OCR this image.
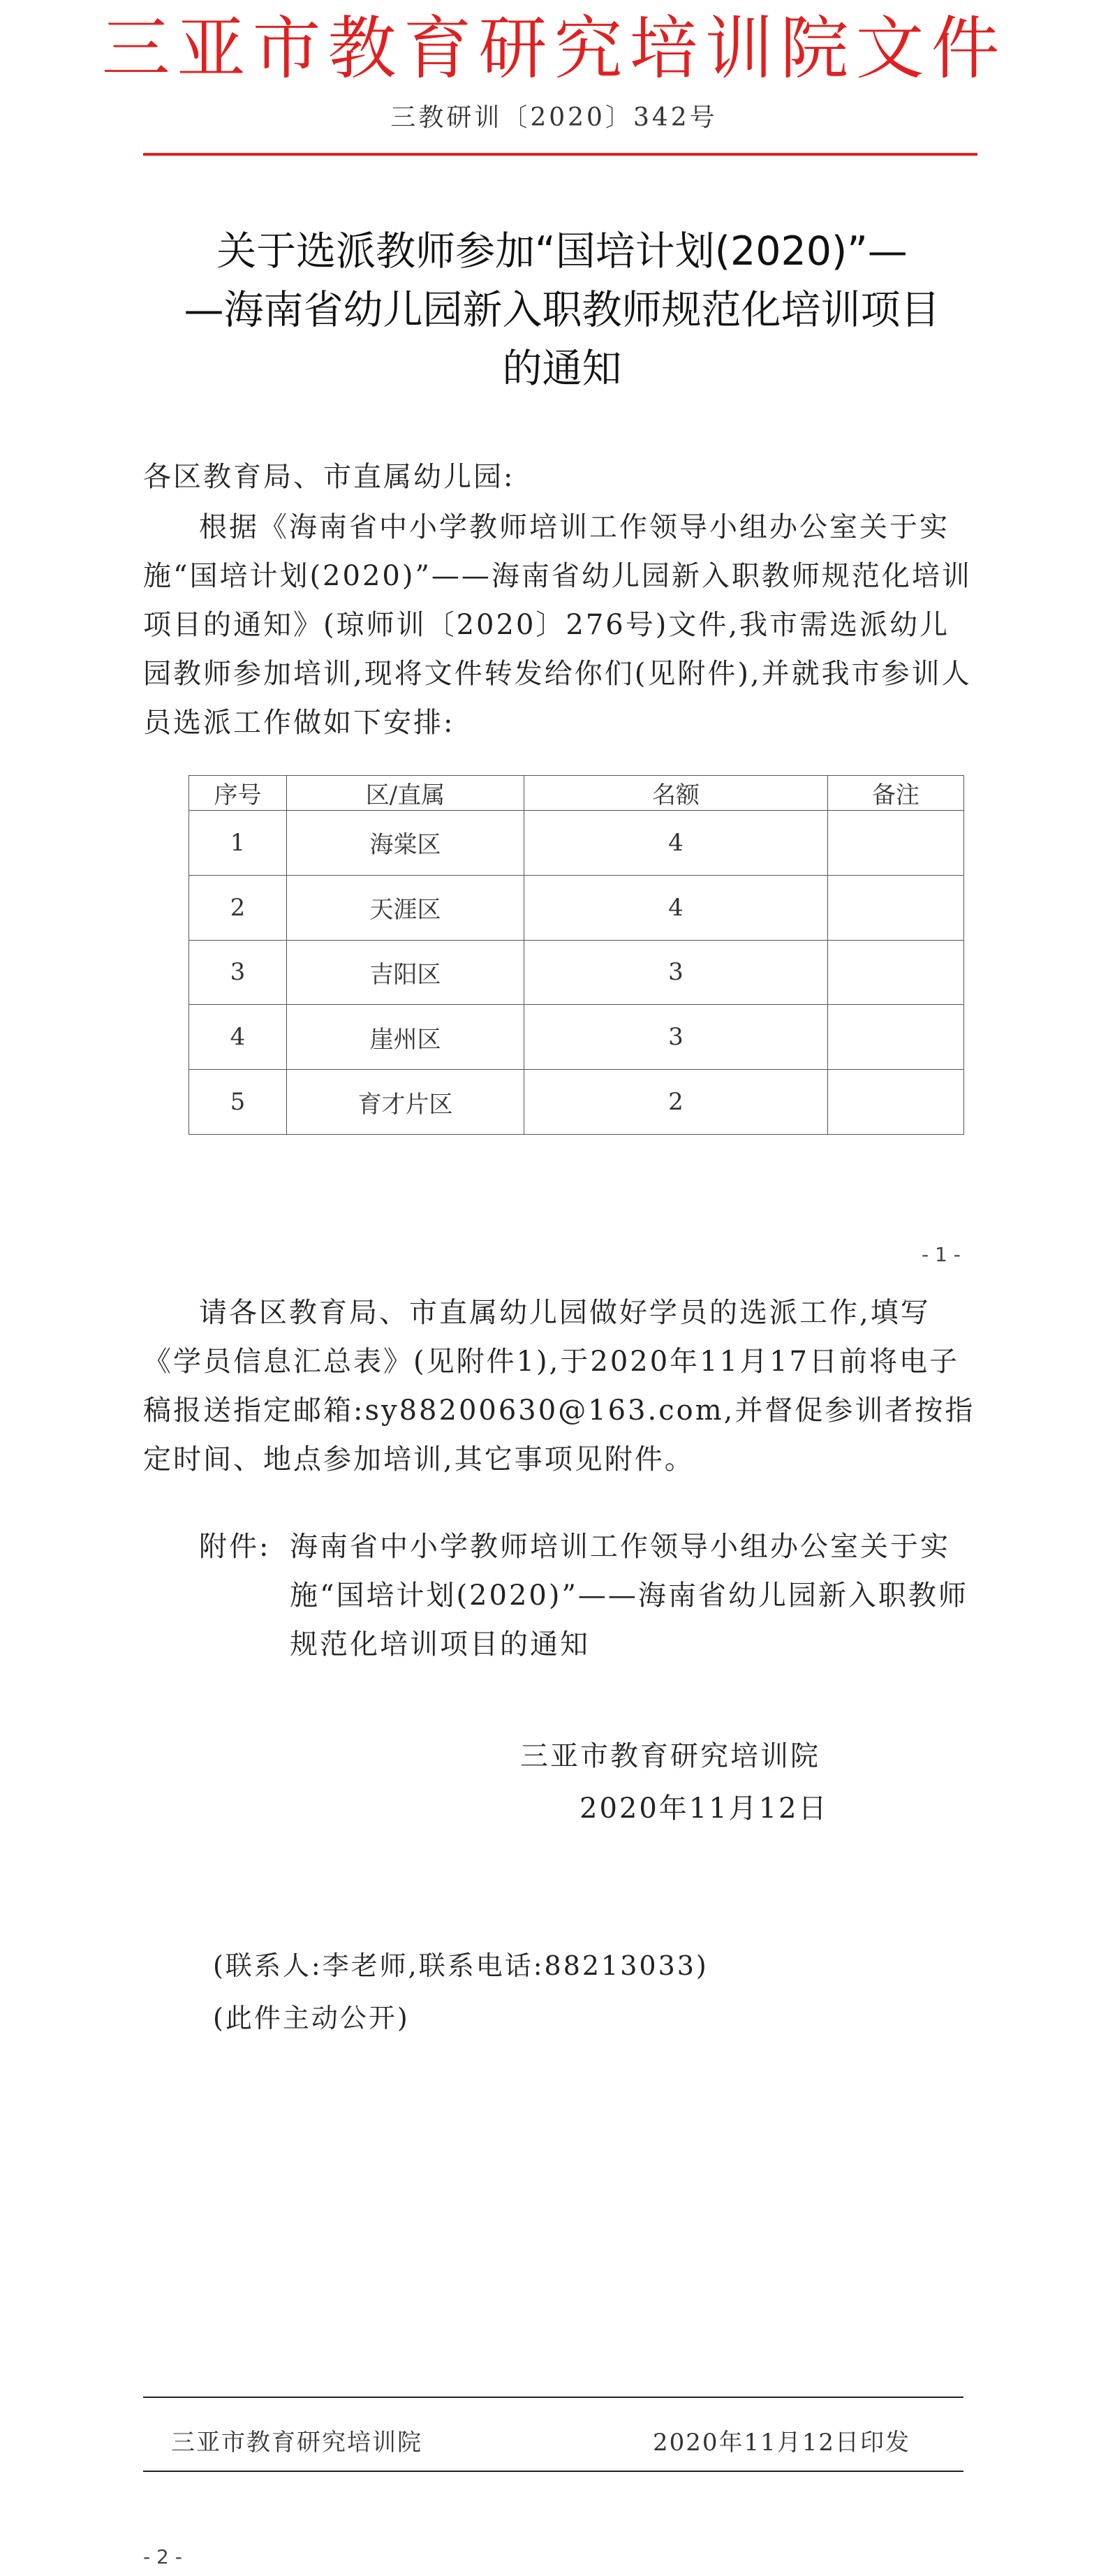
三亚市教育研究培训院文件
三教研训〔2020〕342号
关于选派教师参加“国培计划(2020)”—
—海南省幼儿园新入职教师规范化培训项目
的通知
各区教育局、市直属幼儿园:
根据《海南省中小学教师培训工作领导小组办公室关于实施“国培计划(2020)”——海南省幼儿园新入职教师规范化培训项目的通知》(琼师训〔2020〕276号)文件,我市需选派幼儿园教师参加培训,现将文件转发给你们(见附件),并就我市参训人员选派工作做如下安排:
序号	区/直属	名额	备注
1	海棠区	4	
2	天涯区	4	
3	吉阳区	3	
4	崖州区	3	
5	育才片区	2	
- 1 -
请各区教育局、市直属幼儿园做好学员的选派工作,填写《学员信息汇总表》(见附件1),于2020年11月17日前将电子稿报送指定邮箱:sy88200630@163.com,并督促参训者按指定时间、地点参加培训,其它事项见附件。
附件: 海南省中小学教师培训工作领导小组办公室关于实施“国培计划(2020)”——海南省幼儿园新入职教师规范化培训项目的通知
三亚市教育研究培训院
2020年11月12日
(联系人:李老师,联系电话:88213033)
(此件主动公开)
三亚市教育研究培训院	2020年11月12日印发
- 2 -
